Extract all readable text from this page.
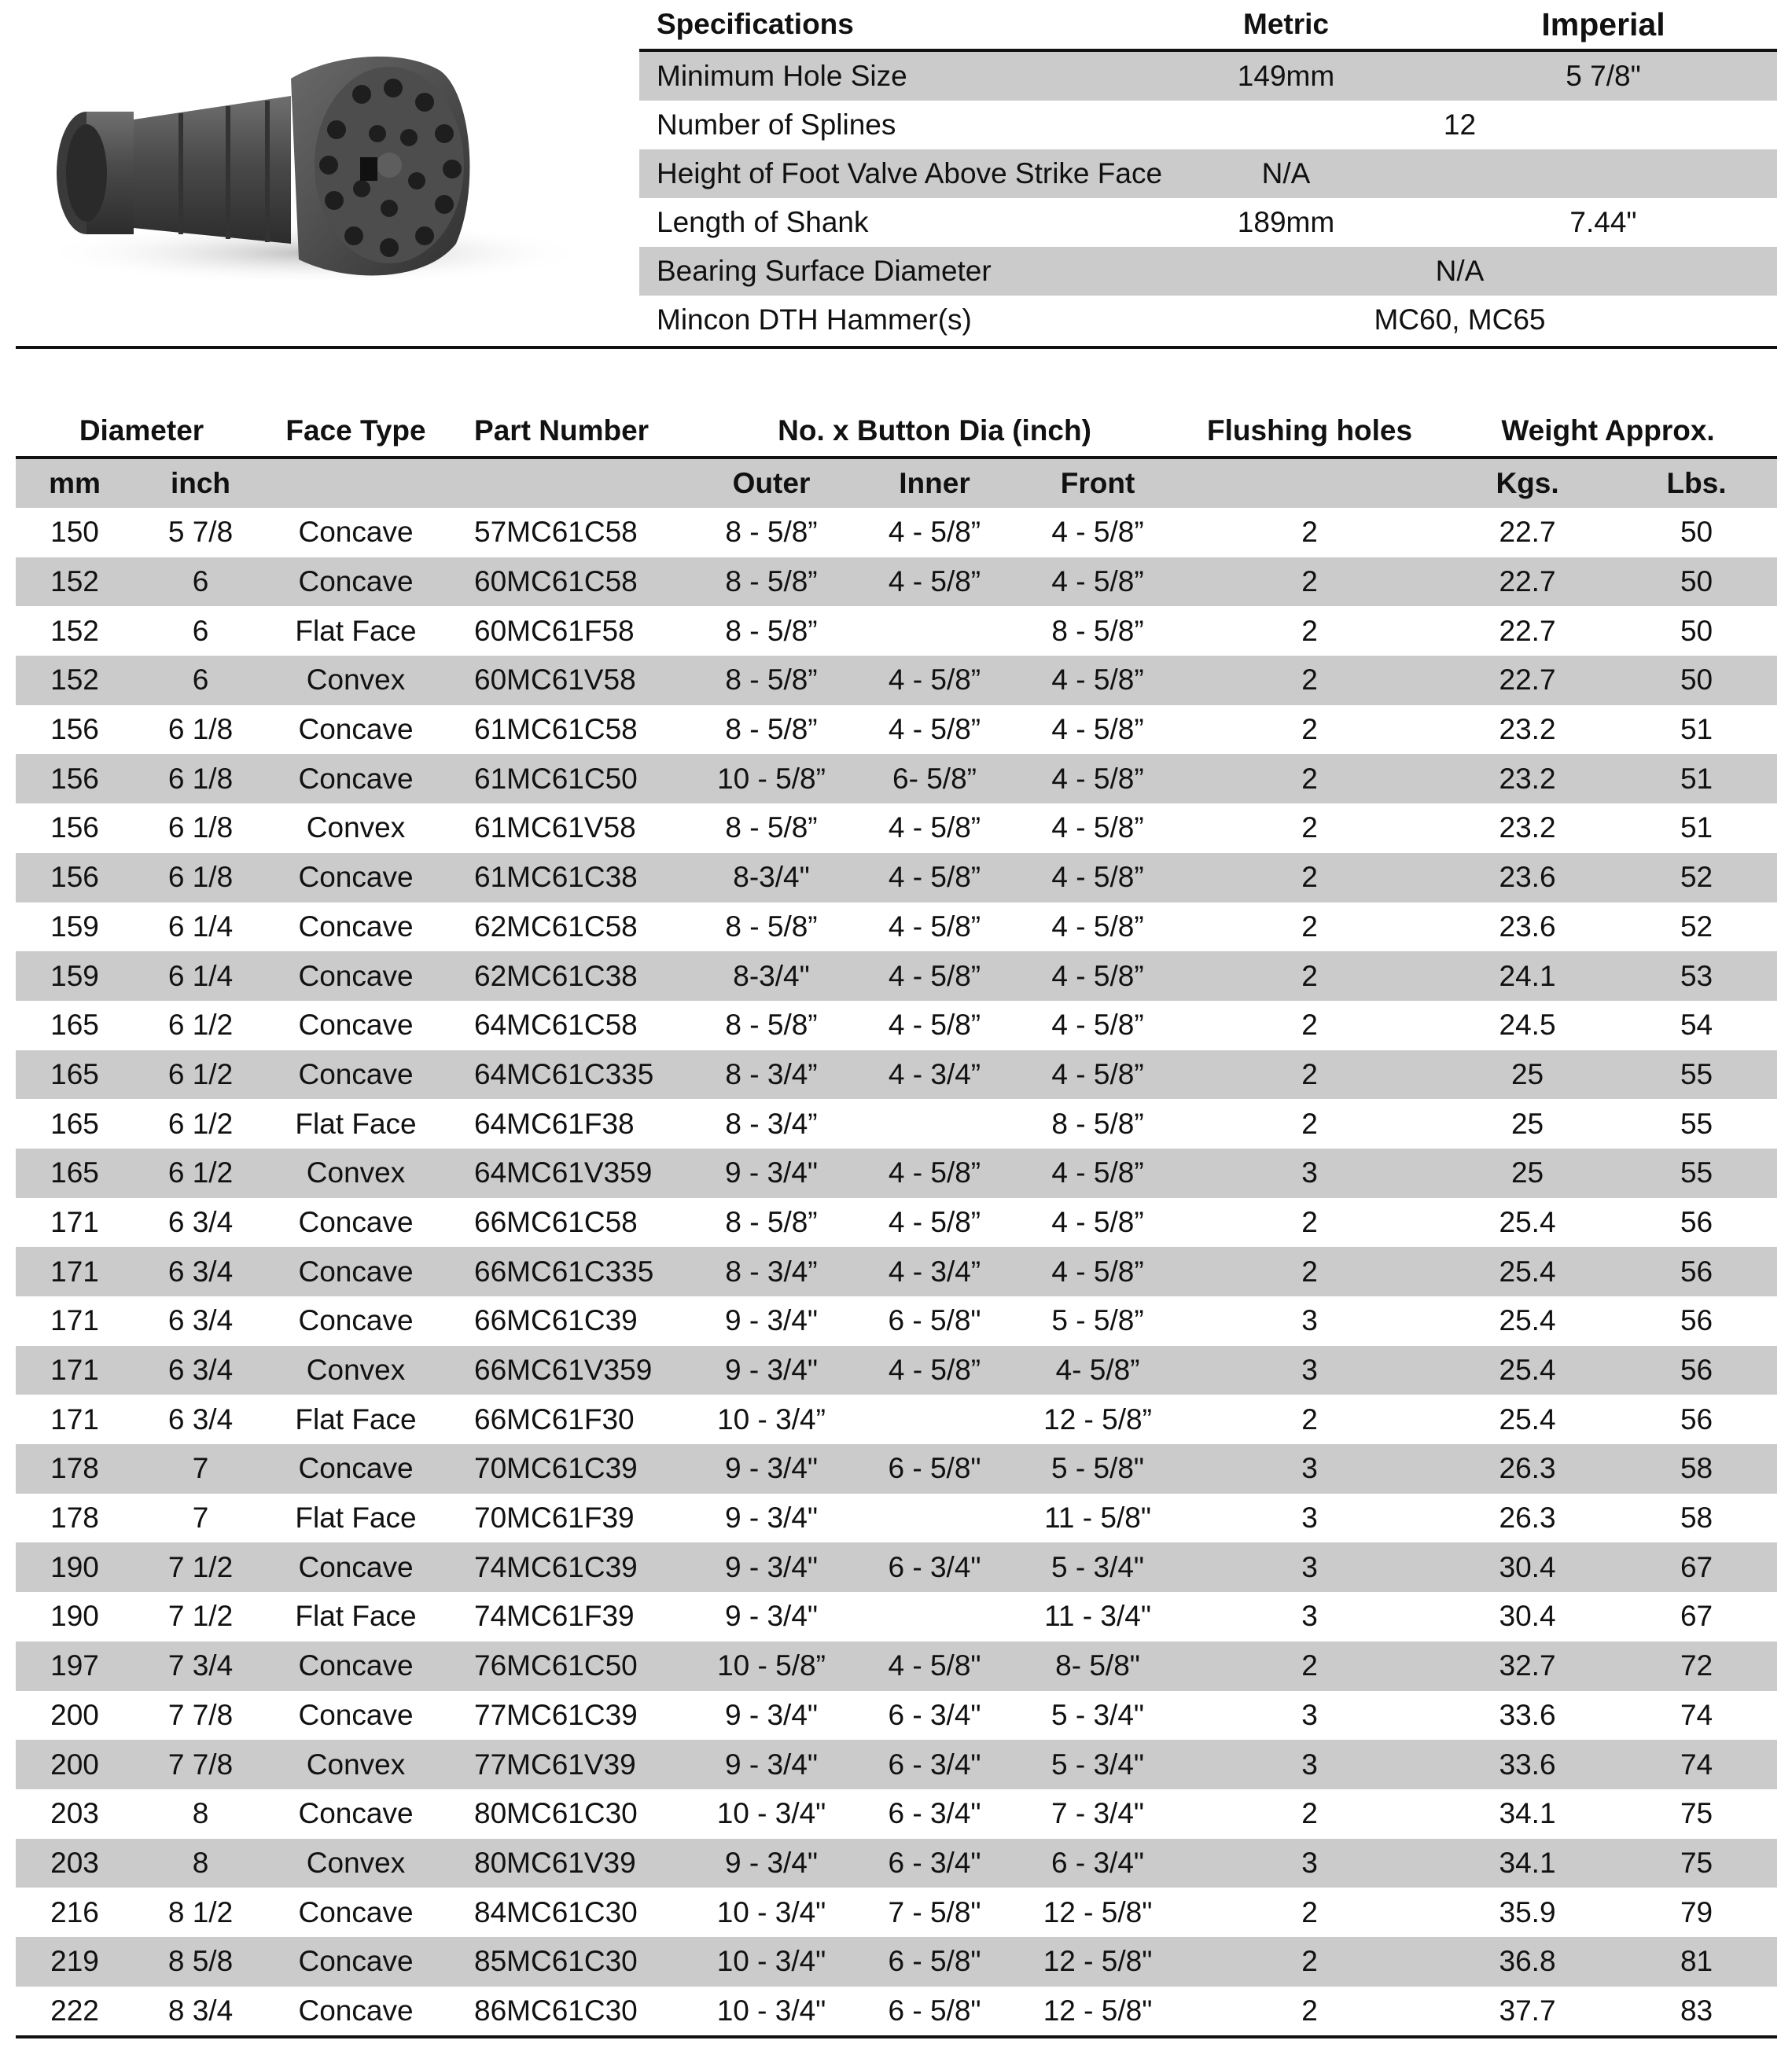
Specifications	Metric	Imperial
Minimum Hole Size	149mm	5 7/8"
Number of Splines	12	
Height of Foot Valve Above Strike Face	N/A	
Length of Shank	189mm	7.44"
Bearing Surface Diameter	N/A	
Mincon DTH Hammer(s)	MC60, MC65	
Diameter		Face Type	Part Number	No. x Button Dia (inch)			Flushing holes	Weight Approx.	
mm	inch			Outer	Inner	Front		Kgs.	Lbs.
150	5 7/8	Concave	57MC61C58	8 - 5/8”	4 - 5/8”	4 - 5/8”	2	22.7	50
152	6	Concave	60MC61C58	8 - 5/8”	4 - 5/8”	4 - 5/8”	2	22.7	50
152	6	Flat Face	60MC61F58	8 - 5/8”		8 - 5/8”	2	22.7	50
152	6	Convex	60MC61V58	8 - 5/8”	4 - 5/8”	4 - 5/8”	2	22.7	50
156	6 1/8	Concave	61MC61C58	8 - 5/8”	4 - 5/8”	4 - 5/8”	2	23.2	51
156	6 1/8	Concave	61MC61C50	10 - 5/8”	6- 5/8”	4 - 5/8”	2	23.2	51
156	6 1/8	Convex	61MC61V58	8 - 5/8”	4 - 5/8”	4 - 5/8”	2	23.2	51
156	6 1/8	Concave	61MC61C38	8-3/4"	4 - 5/8”	4 - 5/8”	2	23.6	52
159	6 1/4	Concave	62MC61C58	8 - 5/8”	4 - 5/8”	4 - 5/8”	2	23.6	52
159	6 1/4	Concave	62MC61C38	8-3/4"	4 - 5/8”	4 - 5/8”	2	24.1	53
165	6 1/2	Concave	64MC61C58	8 - 5/8”	4 - 5/8”	4 - 5/8”	2	24.5	54
165	6 1/2	Concave	64MC61C335	8 - 3/4”	4 - 3/4”	4 - 5/8”	2	25	55
165	6 1/2	Flat Face	64MC61F38	8 - 3/4”		8 - 5/8”	2	25	55
165	6 1/2	Convex	64MC61V359	9 - 3/4"	4 - 5/8”	4 - 5/8”	3	25	55
171	6 3/4	Concave	66MC61C58	8 - 5/8”	4 - 5/8”	4 - 5/8”	2	25.4	56
171	6 3/4	Concave	66MC61C335	8 - 3/4”	4 - 3/4”	4 - 5/8”	2	25.4	56
171	6 3/4	Concave	66MC61C39	9 - 3/4"	6 - 5/8"	5 - 5/8”	3	25.4	56
171	6 3/4	Convex	66MC61V359	9 - 3/4"	4 - 5/8”	4- 5/8”	3	25.4	56
171	6 3/4	Flat Face	66MC61F30	10 - 3/4”		12 - 5/8”	2	25.4	56
178	7	Concave	70MC61C39	9 - 3/4"	6 - 5/8"	5 - 5/8"	3	26.3	58
178	7	Flat Face	70MC61F39	9 - 3/4"		11 - 5/8"	3	26.3	58
190	7 1/2	Concave	74MC61C39	9 - 3/4"	6 - 3/4"	5 - 3/4"	3	30.4	67
190	7 1/2	Flat Face	74MC61F39	9 - 3/4"		11 - 3/4"	3	30.4	67
197	7 3/4	Concave	76MC61C50	10 - 5/8”	4 - 5/8"	8- 5/8"	2	32.7	72
200	7 7/8	Concave	77MC61C39	9 - 3/4"	6 - 3/4"	5 - 3/4"	3	33.6	74
200	7 7/8	Convex	77MC61V39	9 - 3/4"	6 - 3/4"	5 - 3/4"	3	33.6	74
203	8	Concave	80MC61C30	10 - 3/4"	6 - 3/4"	7 - 3/4"	2	34.1	75
203	8	Convex	80MC61V39	9 - 3/4"	6 - 3/4"	6 - 3/4"	3	34.1	75
216	8 1/2	Concave	84MC61C30	10 - 3/4"	7 - 5/8"	12 - 5/8"	2	35.9	79
219	8 5/8	Concave	85MC61C30	10 - 3/4"	6 - 5/8"	12 - 5/8"	2	36.8	81
222	8 3/4	Concave	86MC61C30	10 - 3/4"	6 - 5/8"	12 - 5/8"	2	37.7	83
